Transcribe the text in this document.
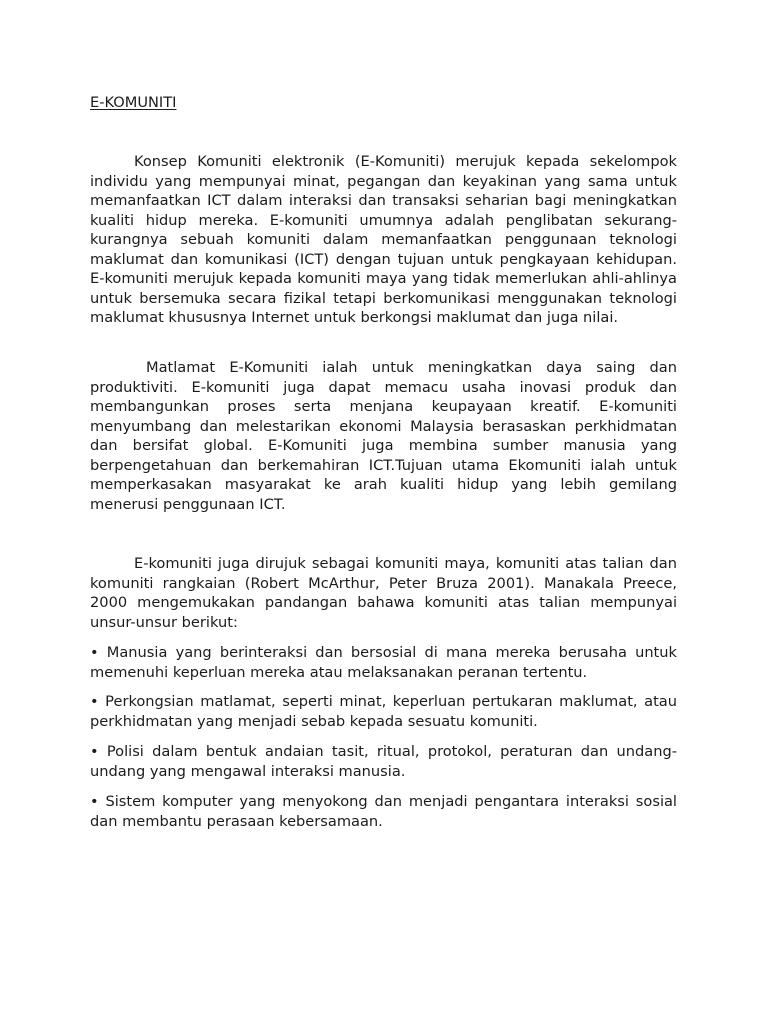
E-KOMUNITI

Konsep Komuniti elektronik (E-Komuniti) merujuk kepada sekelompok individu yang mempunyai minat, pegangan dan keyakinan yang sama untuk memanfaatkan ICT dalam interaksi dan transaksi seharian bagi meningkatkan kualiti hidup mereka. E-komuniti umumnya adalah penglibatan sekurang-kurangnya sebuah komuniti dalam memanfaatkan penggunaan teknologi maklumat dan komunikasi (ICT) dengan tujuan untuk pengkayaan kehidupan. E-komuniti merujuk kepada komuniti maya yang tidak memerlukan ahli-ahlinya untuk bersemuka secara fizikal tetapi berkomunikasi menggunakan teknologi maklumat khususnya Internet untuk berkongsi maklumat dan juga nilai.

Matlamat E-Komuniti ialah untuk meningkatkan daya saing dan produktiviti. E-komuniti juga dapat memacu usaha inovasi produk dan membangunkan proses serta menjana keupayaan kreatif. E-komuniti menyumbang dan melestarikan ekonomi Malaysia berasaskan perkhidmatan dan bersifat global. E-Komuniti juga membina sumber manusia yang berpengetahuan dan berkemahiran ICT.Tujuan utama Ekomuniti ialah untuk memperkasakan masyarakat ke arah kualiti hidup yang lebih gemilang menerusi penggunaan ICT.

E-komuniti juga dirujuk sebagai komuniti maya, komuniti atas talian dan komuniti rangkaian (Robert McArthur, Peter Bruza 2001). Manakala Preece, 2000 mengemukakan pandangan bahawa komuniti atas talian mempunyai unsur-unsur berikut:

• Manusia yang berinteraksi dan bersosial di mana mereka berusaha untuk memenuhi keperluan mereka atau melaksanakan peranan tertentu.

• Perkongsian matlamat, seperti minat, keperluan pertukaran maklumat, atau perkhidmatan yang menjadi sebab kepada sesuatu komuniti.

• Polisi dalam bentuk andaian tasit, ritual, protokol, peraturan dan undang-undang yang mengawal interaksi manusia.

• Sistem komputer yang menyokong dan menjadi pengantara interaksi sosial dan membantu perasaan kebersamaan.
